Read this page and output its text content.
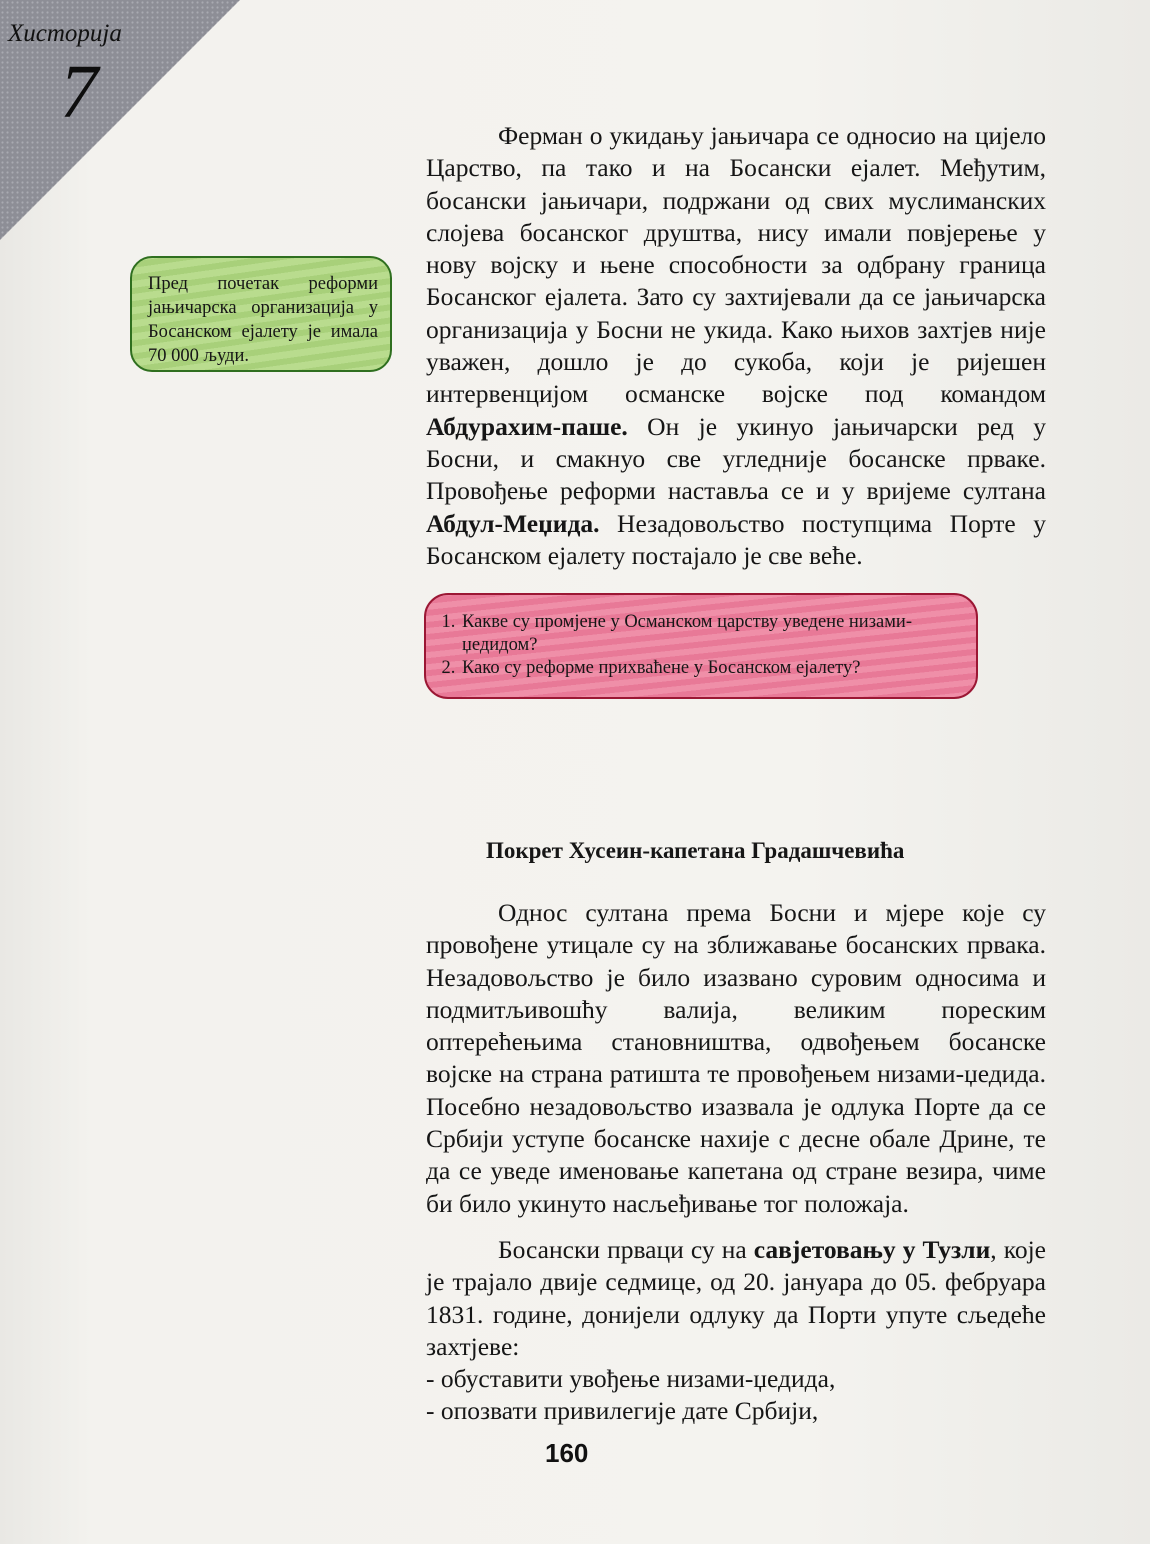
Хисторија
7

Ферман о укидању јањичара се односио на цијело Царство, па тако и на Босански ејалет. Међутим, босански јањичари, подржани од свих муслиманских слојева босанског друштва, нису имали повјерење у нову војску и њене способности за одбрану граница Босанског ејалета. Зато су захтијевали да се јањичарска организација у Босни не укида. Како њихов захтјев није уважен, дошло је до сукоба, који је ријешен интервенцијом османске војске под командом Абдурахим-паше. Он је укинуо јањичарски ред у Босни, и смакнуо све угледније босанске прваке. Провођење реформи наставља се и у вријеме султана Абдул-Меџида. Незадовољство поступцима Порте у Босанском ејалету постајало је све веће.

Пред почетак реформи јањичарска организација у Босанском ејалету је имала 70 000 људи.
1. Какве су промјене у Османском царству уведене низами-џедидом?
2. Како су реформе прихваћене у Босанском ејалету?
Покрет Хусеин-капетана Градашчевића

Однос султана према Босни и мјере које су провођене утицале су на зближавање босанских првака. Незадовољство је било изазвано суровим односима и подмитљивошћу валија, великим пореским оптерећењима становништва, одвођењем босанске војске на страна ратишта те провођењем низами-џедида. Посебно незадовољство изазвала је одлука Порте да се Србији уступе босанске нахије с десне обале Дрине, те да се уведе именовање капетана од стране везира, чиме би било укинуто насљеђивање тог положаја.

Босански прваци су на савјетовању у Тузли, које је трајало двије седмице, од 20. јануара до 05. фебруара 1831. године, донијели одлуку да Порти упуте сљедеће захтјеве:

- обуставити увођење низами-џедида,
- опозвати привилегије дате Србији,
160
